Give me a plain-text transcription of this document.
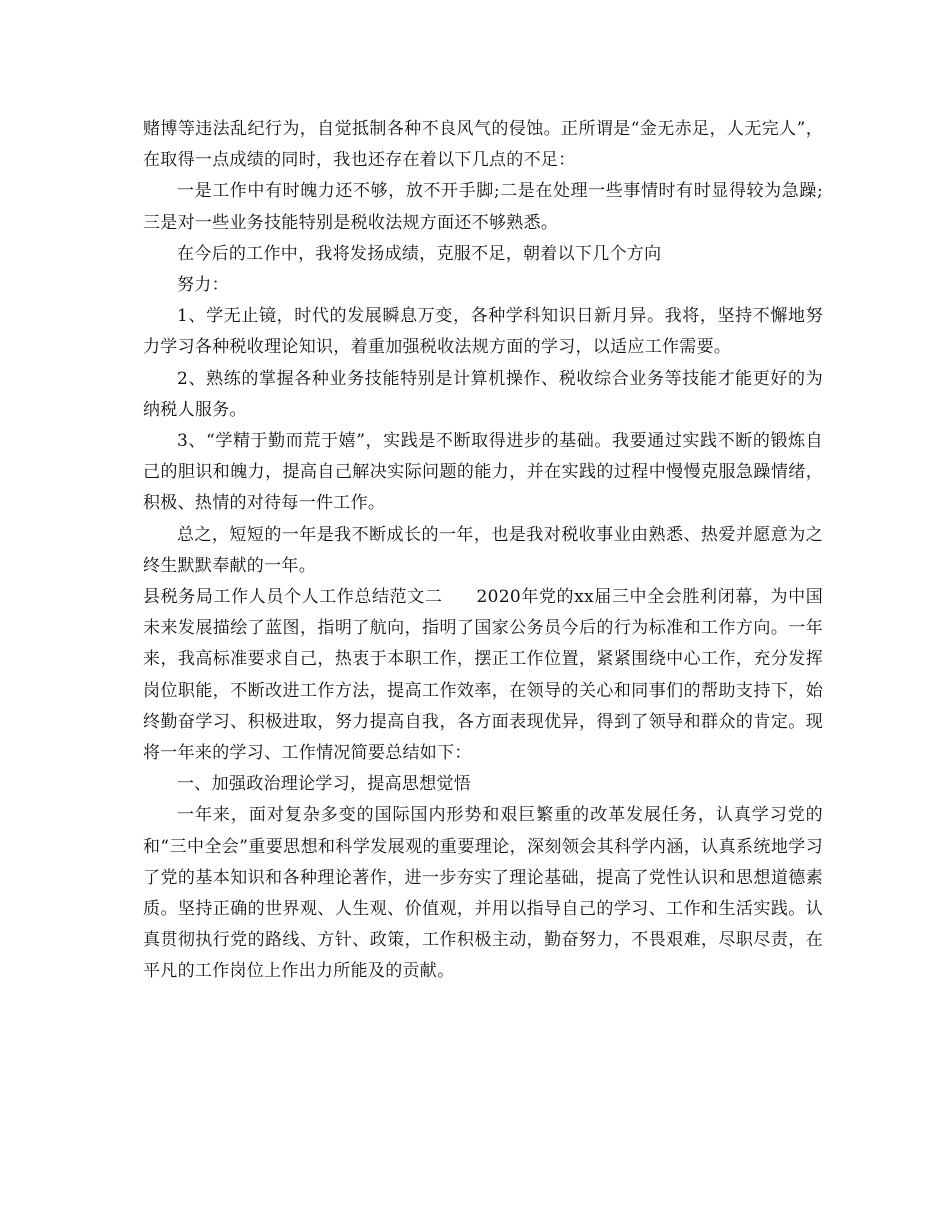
赌博等违法乱纪行为，自觉抵制各种不良风气的侵蚀。正所谓是“金无赤足，人无完人”，在取得一点成绩的同时，我也还存在着以下几点的不足：

一是工作中有时魄力还不够，放不开手脚;二是在处理一些事情时有时显得较为急躁;三是对一些业务技能特别是税收法规方面还不够熟悉。

在今后的工作中，我将发扬成绩，克服不足，朝着以下几个方向

努力：

1、学无止镜，时代的发展瞬息万变，各种学科知识日新月异。我将，坚持不懈地努力学习各种税收理论知识，着重加强税收法规方面的学习，以适应工作需要。

2、熟练的掌握各种业务技能特别是计算机操作、税收综合业务等技能才能更好的为纳税人服务。

3、“学精于勤而荒于嬉”，实践是不断取得进步的基础。我要通过实践不断的锻炼自己的胆识和魄力，提高自己解决实际问题的能力，并在实践的过程中慢慢克服急躁情绪，积极、热情的对待每一件工作。

总之，短短的一年是我不断成长的一年，也是我对税收事业由熟悉、热爱并愿意为之终生默默奉献的一年。

县税务局工作人员个人工作总结范文二 2020年党的xx届三中全会胜利闭幕，为中国未来发展描绘了蓝图，指明了航向，指明了国家公务员今后的行为标准和工作方向。一年来，我高标准要求自己，热衷于本职工作，摆正工作位置，紧紧围绕中心工作，充分发挥岗位职能，不断改进工作方法，提高工作效率，在领导的关心和同事们的帮助支持下，始终勤奋学习、积极进取，努力提高自我，各方面表现优异，得到了领导和群众的肯定。现将一年来的学习、工作情况简要总结如下：

一、加强政治理论学习，提高思想觉悟

一年来，面对复杂多变的国际国内形势和艰巨繁重的改革发展任务，认真学习党的和“三中全会”重要思想和科学发展观的重要理论，深刻领会其科学内涵，认真系统地学习了党的基本知识和各种理论著作，进一步夯实了理论基础，提高了党性认识和思想道德素质。坚持正确的世界观、人生观、价值观，并用以指导自己的学习、工作和生活实践。认真贯彻执行党的路线、方针、政策，工作积极主动，勤奋努力，不畏艰难，尽职尽责，在平凡的工作岗位上作出力所能及的贡献。
